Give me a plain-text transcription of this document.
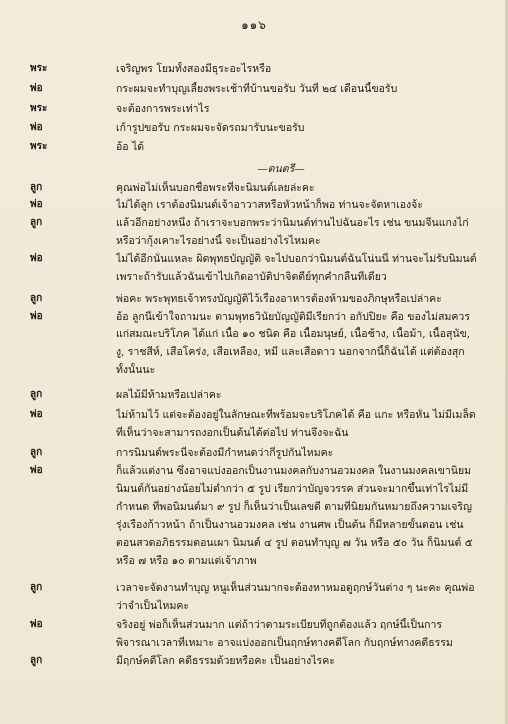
๑๑๖
พระ	เจริญพร โยมทั้งสองมีธุระอะไรหรือ
พ่อ	กระผมจะทำบุญเลี้ยงพระเช้าที่บ้านขอรับ วันที่ ๒๔ เดือนนี้ขอรับ
พระ	จะต้องการพระเท่าไร
พ่อ	เก้ารูปขอรับ กระผมจะจัดรถมารับนะขอรับ
พระ	อ้อ ได้
—ดนตรี—
ลูก	คุณพ่อไม่เห็นบอกชื่อพระที่จะนิมนต์เลยล่ะคะ
พ่อ	ไม่ได้ลูก เราต้องนิมนต์เจ้าอาวาสหรือหัวหน้าก็พอ ท่านจะจัดหาเองจ้ะ
ลูก	แล้วอีกอย่างหนึ่ง ถ้าเราจะบอกพระว่านิมนต์ท่านไปฉันอะไร เช่น ขนมจีนแกงไก่
หรือว่ากุ้งเคาะไรอย่างนี้ จะเป็นอย่างไรไหมคะ
พ่อ	ไม่ได้อีกนั่นแหละ ผิดพุทธบัญญัติ จะไปบอกว่านิมนต์ฉันโน่นนี่ ท่านจะไม่รับนิมนต์
เพราะถ้ารับแล้วฉันเข้าไปเกิดอาบัติปาจิตตีย์ทุกคำกลืนทีเดียว
ลูก	พ่อคะ พระพุทธเจ้าทรงบัญญัติไว้เรื่องอาหารต้องห้ามของภิกษุหรือเปล่าคะ
พ่อ	อ้อ ลูกนี่เข้าใจถามนะ ตามพุทธวินัยบัญญัติมีเรียกว่า อกัปปิยะ คือ ของไม่สมควร
แก่สมณะบริโภค ได้แก่ เนื้อ ๑๐ ชนิด คือ เนื้อมนุษย์, เนื้อช้าง, เนื้อม้า, เนื้อสุนัข,
งู, ราชสีห์, เสือโคร่ง, เสือเหลือง, หมี และเสือดาว นอกจากนี้ก็ฉันได้ แต่ต้องสุก
ทั้งนั้นนะ
ลูก	ผลไม้มีห้ามหรือเปล่าคะ
พ่อ	ไม่ห้ามไว้ แต่จะต้องอยู่ในลักษณะที่พร้อมจะบริโภคได้ คือ แกะ หรือหั่น ไม่มีเมล็ด
ที่เห็นว่าจะสามารถงอกเป็นต้นได้ต่อไป ท่านจึงจะฉัน
ลูก	การนิมนต์พระนี่จะต้องมีกำหนดว่ากี่รูปกันไหมคะ
พ่อ	ก็แล้วแต่งาน ซึ่งอาจแบ่งออกเป็นงานมงคลกับงานอวมงคล ในงานมงคลเขานิยม
นิมนต์กันอย่างน้อยไม่ต่ำกว่า ๕ รูป เรียกว่าบัญจวรรค ส่วนจะมากขึ้นเท่าไรไม่มี
กำหนด ที่พอนิมนต์มา ๙ รูป ก็เห็นว่าเป็นเลขดี ตามที่นิยมกันหมายถึงความเจริญ
รุ่งเรืองก้าวหน้า ถ้าเป็นงานอวมงคล เช่น งานศพ เป็นต้น ก็มีหลายขั้นตอน เช่น
ตอนสวดอภิธรรมตอนเผา นิมนต์ ๔ รูป ตอนทำบุญ ๗ วัน หรือ ๕๐ วัน ก็นิมนต์ ๕
หรือ ๗ หรือ ๑๐ ตามแต่เจ้าภาพ
ลูก	เวลาจะจัดงานทำบุญ หนูเห็นส่วนมากจะต้องหาหมอดูฤกษ์วันต่าง ๆ นะคะ คุณพ่อ
ว่าจำเป็นไหมคะ
พ่อ	จริงอยู่ พ่อก็เห็นส่วนมาก แต่ถ้าว่าตามระเบียบที่ถูกต้องแล้ว ฤกษ์นี้เป็นการ
พิจารณาเวลาที่เหมาะ อาจแบ่งออกเป็นฤกษ์ทางคดีโลก กับฤกษ์ทางคดีธรรม
ลูก	มีฤกษ์คดีโลก คดีธรรมด้วยหรือคะ เป็นอย่างไรคะ
